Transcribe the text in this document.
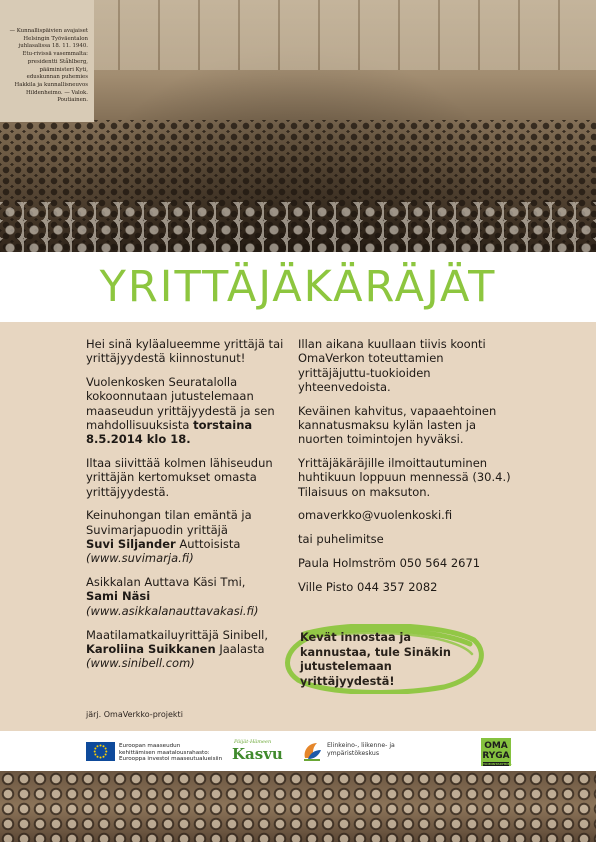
— Kunnallispäivien avajaiset Helsingin Työväentalon juhlasalissa 18. 11. 1940. Etu-rivissä vasemmalta: presidentti Ståhlberg, pääministeri Kyti, eduskunnan puhemies Hakkila ja kunnallisneuvos Hildenheimo. — Valok. Poutiainen.

YRITTÄJÄKÄRÄJÄT

Hei sinä kyläalueemme yrittäjä tai yrittäjyydestä kiinnostunut!

Vuolenkosken Seuratalolla kokoonnutaan jutustelemaan maaseudun yrittäjyydestä ja sen mahdollisuuksista torstaina 8.5.2014 klo 18.

Iltaa siivittää kolmen lähiseudun yrittäjän kertomukset omasta yrittäjyydestä.

Keinuhongan tilan emäntä ja Suvimarjapuodin yrittäjä
Suvi Siljander Auttoisista
(www.suvimarja.fi)

Asikkalan Auttava Käsi Tmi,
Sami Näsi
(www.asikkalanauttavakasi.fi)

Maatilamatkailuyrittäjä Sinibell,
Karoliina Suikkanen Jaalasta
(www.sinibell.com)

järj. OmaVerkko-projekti

Illan aikana kuullaan tiivis koonti OmaVerkon toteuttamien yrittäjäjuttu-tuokioiden yhteenvedoista.

Keväinen kahvitus, vapaaehtoinen kannatusmaksu kylän lasten ja nuorten toimintojen hyväksi.

Yrittäjäkäräjille ilmoittautuminen huhtikuun loppuun mennessä (30.4.) Tilaisuus on maksuton.

omaverkko@vuolenkoski.fi

tai puhelimitse

Paula Holmström 050 564 2671

Ville Pisto 044 357 2082

Kevät innostaa ja kannustaa, tule Sinäkin jutustelemaan yrittäjyydestä!
Euroopan maaseudun
kehittämisen maatalousrahasto:
Eurooppa investoi maaseutualueisiin
Päijät-Hämeen
Kasvu	Elinkeino-, liikenne- ja
ympäristökeskus
OMA
RYGA
TOIMINTARYHMÄ
